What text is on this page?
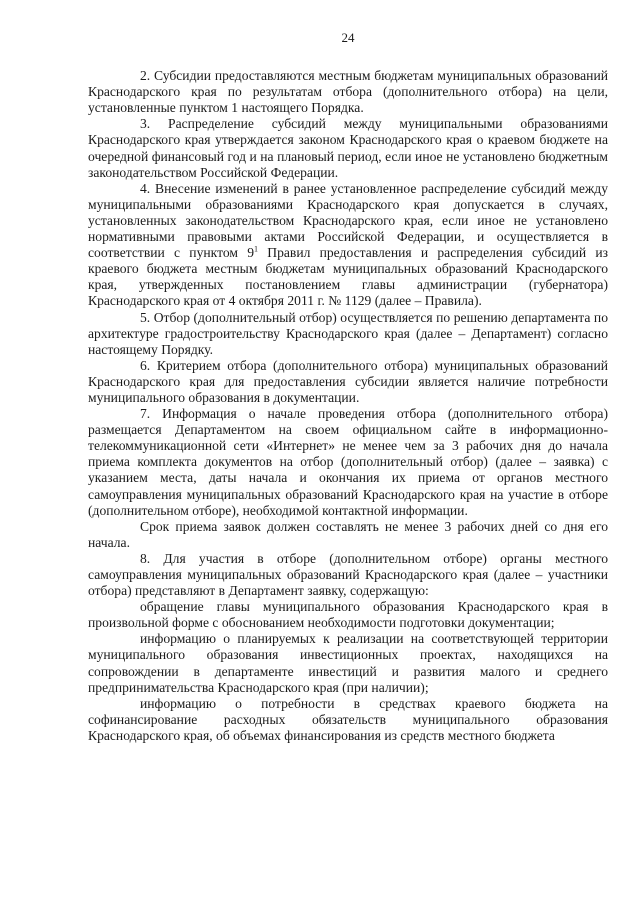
24

2. Субсидии предоставляются местным бюджетам муниципальных образований Краснодарского края по результатам отбора (дополнительного отбора) на цели, установленные пунктом 1 настоящего Порядка.

3. Распределение субсидий между муниципальными образованиями Краснодарского края утверждается законом Краснодарского края о краевом бюджете на очередной финансовый год и на плановый период, если иное не установлено бюджетным законодательством Российской Федерации.

4. Внесение изменений в ранее установленное распределение субсидий между муниципальными образованиями Краснодарского края допускается в случаях, установленных законодательством Краснодарского края, если иное не установлено нормативными правовыми актами Российской Федерации, и осуществляется в соответствии с пунктом $9^1$ Правил предоставления и распределения субсидий из краевого бюджета местным бюджетам муниципальных образований Краснодарского края, утвержденных постановлением главы администрации (губернатора) Краснодарского края от 4 октября 2011 г. № 1129 (далее – Правила).

5. Отбор (дополнительный отбор) осуществляется по решению департамента по архитектуре градостроительству Краснодарского края (далее – Департамент) согласно настоящему Порядку.

6. Критерием отбора (дополнительного отбора) муниципальных образований Краснодарского края для предоставления субсидии является наличие потребности муниципального образования в документации.

7. Информация о начале проведения отбора (дополнительного отбора) размещается Департаментом на своем официальном сайте в информационно-телекоммуникационной сети «Интернет» не менее чем за 3 рабочих дня до начала приема комплекта документов на отбор (дополнительный отбор) (далее – заявка) с указанием места, даты начала и окончания их приема от органов местного самоуправления муниципальных образований Краснодарского края на участие в отборе (дополнительном отборе), необходимой контактной информации.

Срок приема заявок должен составлять не менее 3 рабочих дней со дня его начала.

8. Для участия в отборе (дополнительном отборе) органы местного самоуправления муниципальных образований Краснодарского края (далее – участники отбора) представляют в Департамент заявку, содержащую:

обращение главы муниципального образования Краснодарского края в произвольной форме с обоснованием необходимости подготовки документации;

информацию о планируемых к реализации на соответствующей территории муниципального образования инвестиционных проектах, находящихся на сопровождении в департаменте инвестиций и развития малого и среднего предпринимательства Краснодарского края (при наличии);

информацию о потребности в средствах краевого бюджета на софинансирование расходных обязательств муниципального образования Краснодарского края, об объемах финансирования из средств местного бюджета
